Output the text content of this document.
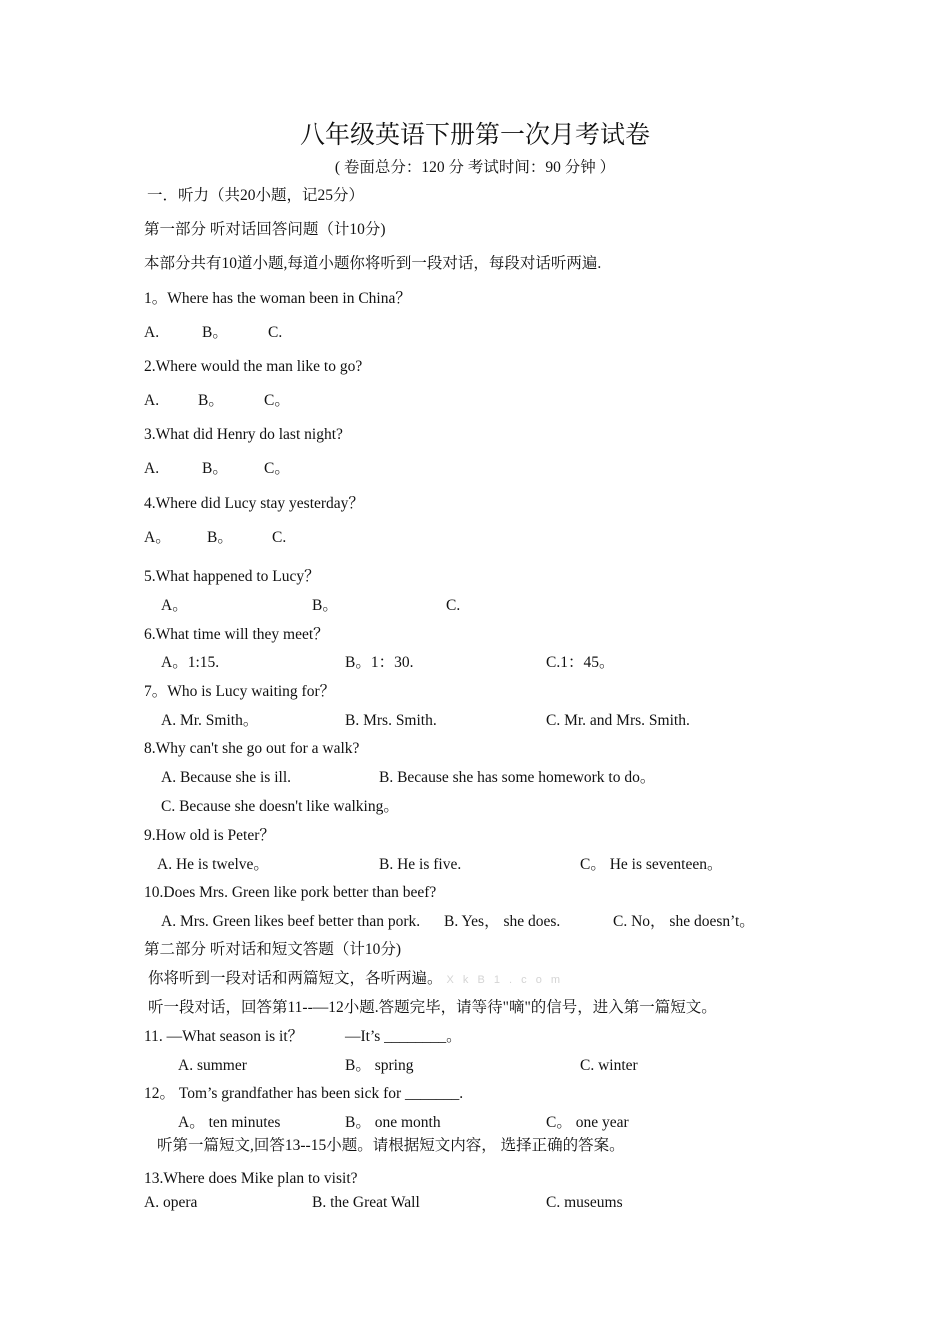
八年级英语下册第一次月考试卷
( 卷面总分：120 分 考试时间：90 分钟 ）
一．听力（共20小题，记25分）
第一部分 听对话回答问题（计10分)
本部分共有10道小题,每道小题你将听到一段对话，每段对话听两遍.
1。Where has the woman been in China？
A.	B。	C.
2.Where would the man like to go?
A.	B。	C。
3.What did Henry do last night?
A.	B。 C。
4.Where did Lucy stay yesterday？
A。 B。	C.
5.What happened to Lucy？
A。	B。	C.
6.What time will they meet？
A。1:15.	B。1：30.	C.1：45。
7。Who is Lucy waiting for？
A. Mr. Smith。	B. Mrs. Smith.	C. Mr. and Mrs. Smith.
8.Why can't she go out for a walk?
A. Because she is ill.	B. Because she has some homework to do。
C. Because she doesn't like walking。
9.How old is Peter？
A. He is twelve。	B. He is five.	C。 He is seventeen。
10.Does Mrs. Green like pork better than beef?
A. Mrs. Green likes beef better than pork. B. Yes， she does.	C. No， she doesn’t。
第二部分 听对话和短文答题（计10分)
你将听到一段对话和两篇短文，各听两遍。 X k B 1 . c o m
听一段对话，回答第11--—12小题.答题完毕，请等待"嘀"的信号，进入第一篇短文。
11. —What season is it？	—It’s ________。
A. summer	B。 spring	C. winter
12。 Tom’s grandfather has been sick for _______.
A。 ten minutes	B。 one month	C。 one year
听第一篇短文,回答13--15小题。请根据短文内容， 选择正确的答案。
13.Where does Mike plan to visit?
A. opera	B. the Great Wall	C. museums
